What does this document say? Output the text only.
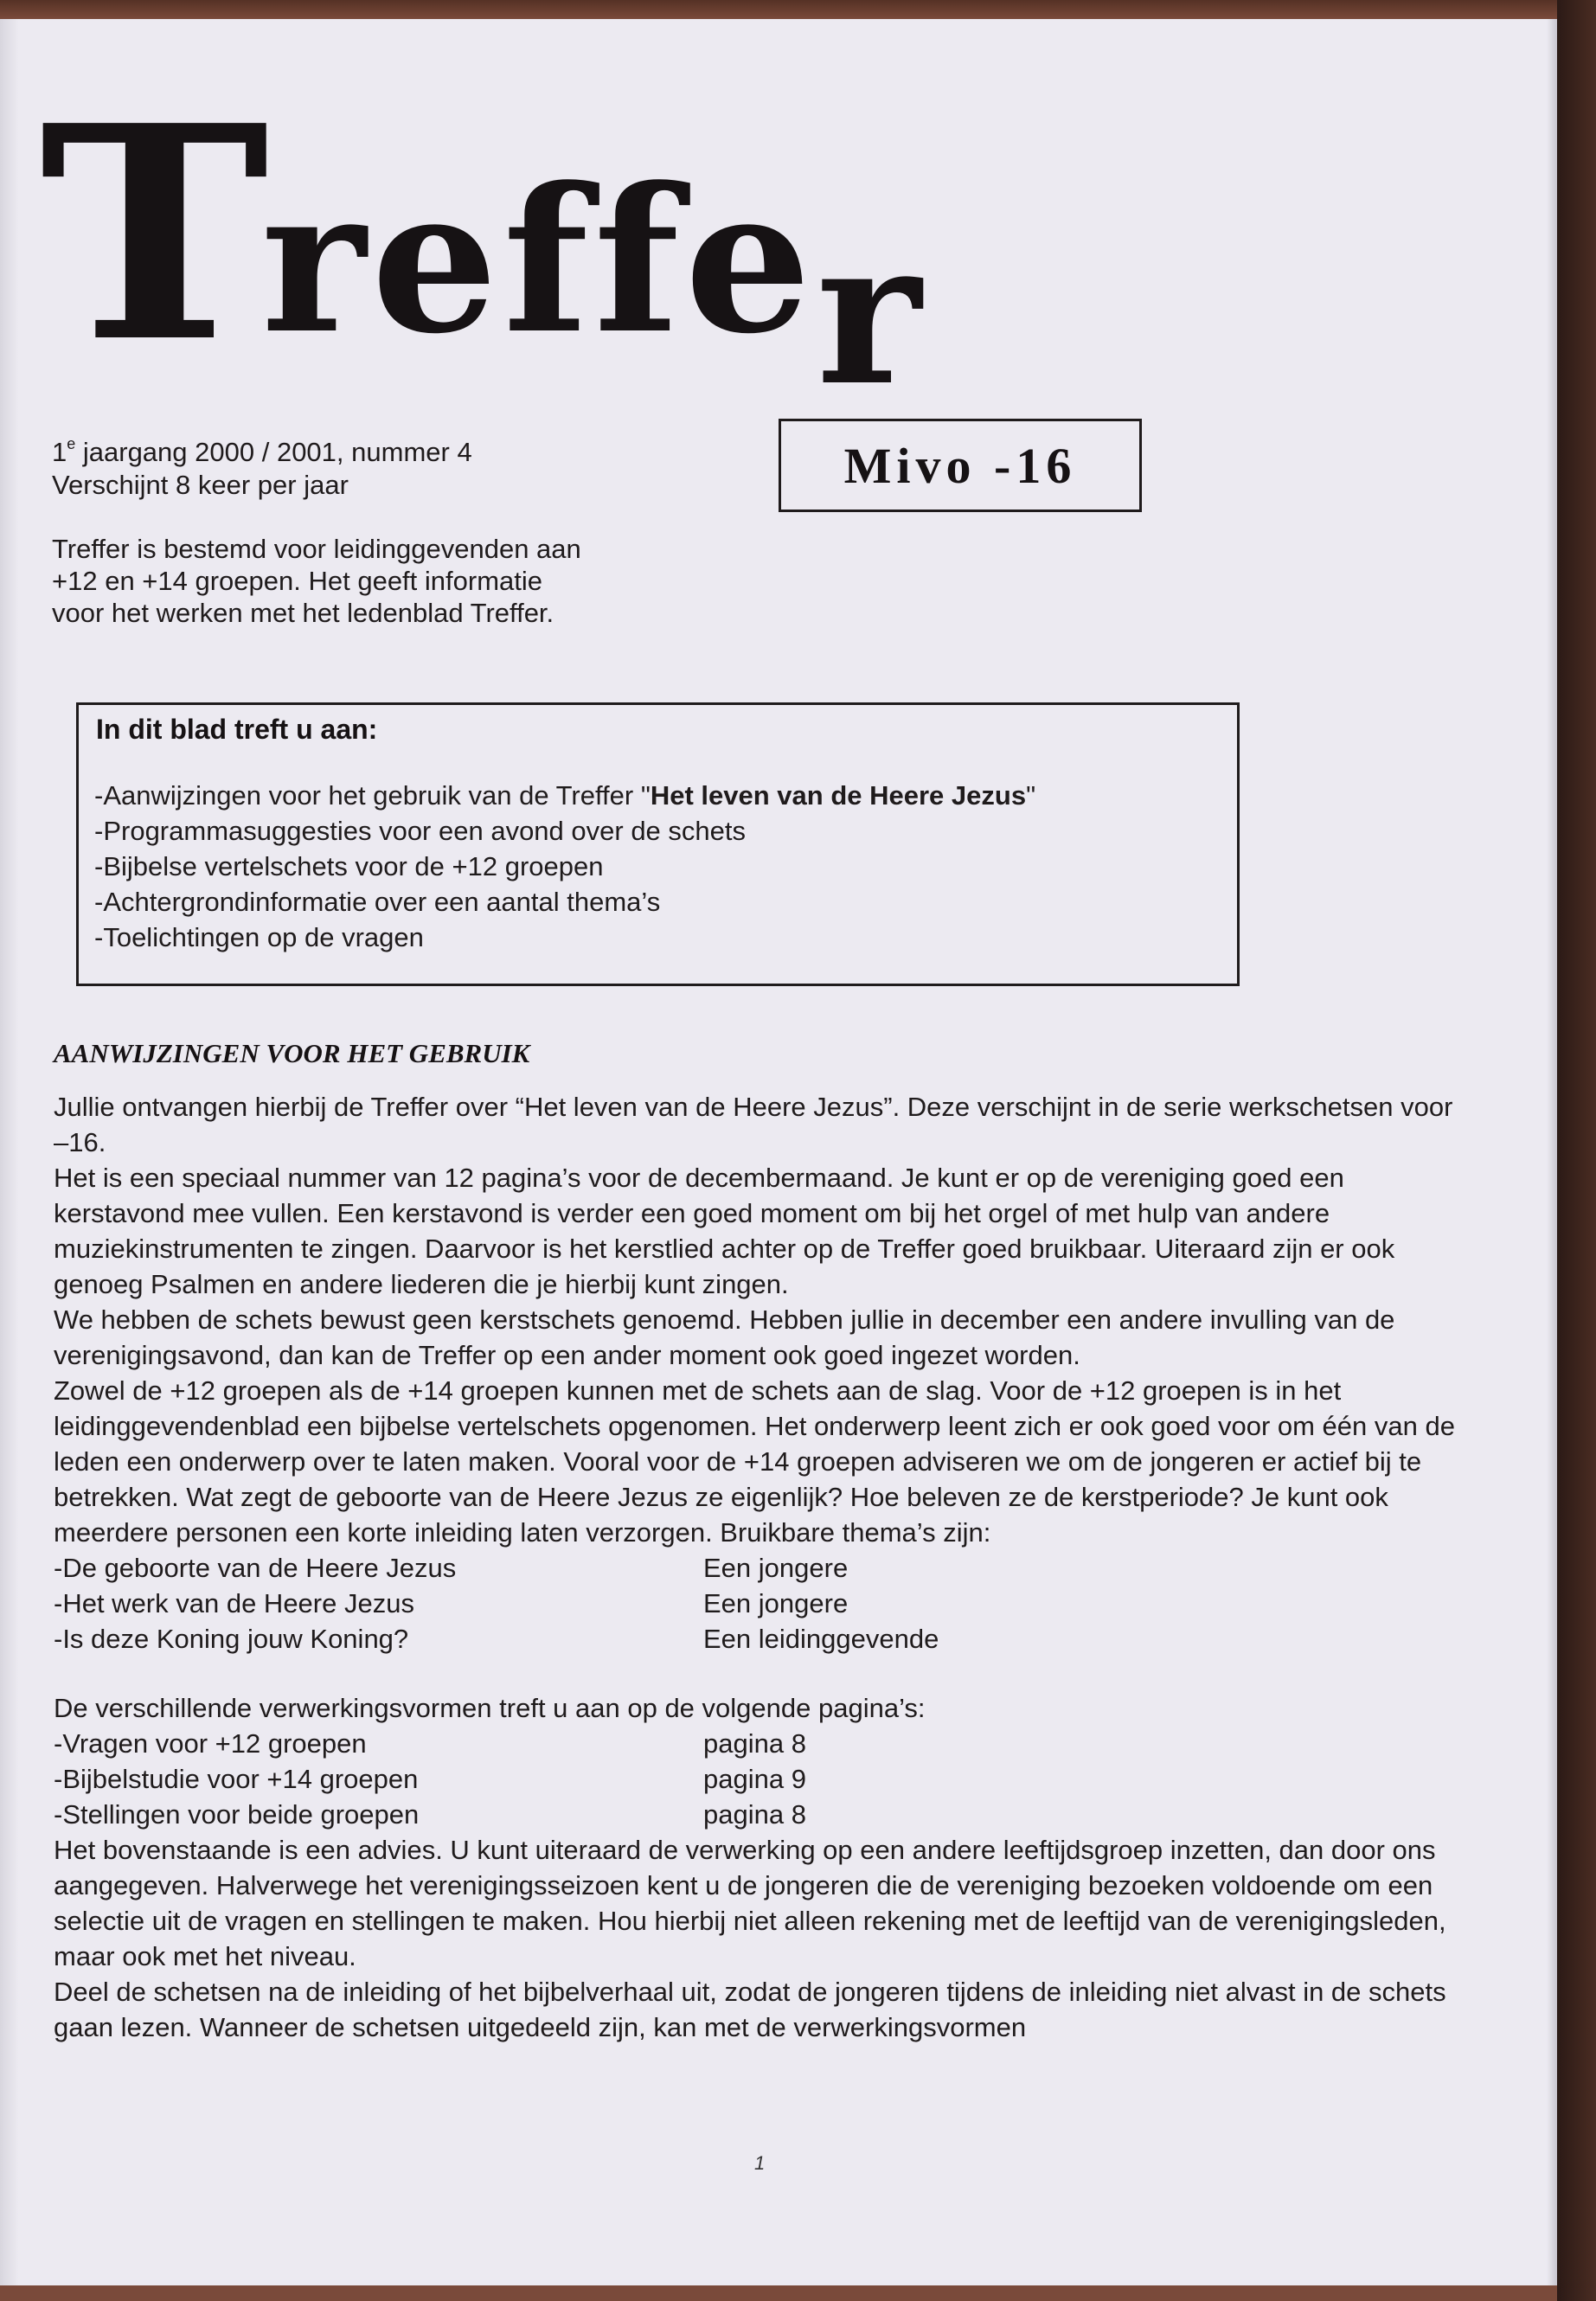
T
reffer
1e jaargang 2000 / 2001, nummer 4
Verschijnt 8 keer per jaar	Mivo -16
Treffer is bestemd voor leidinggevenden aan
+12 en +14 groepen. Het geeft informatie
voor het werken met het ledenblad Treffer.
In dit blad treft u aan:
-Aanwijzingen voor het gebruik van de Treffer "Het leven van de Heere Jezus"
-Programmasuggesties voor een avond over de schets
-Bijbelse vertelschets voor de +12 groepen
-Achtergrondinformatie over een aantal thema’s
-Toelichtingen op de vragen
AANWIJZINGEN VOOR HET GEBRUIK

Jullie ontvangen hierbij de Treffer over “Het leven van de Heere Jezus”. Deze verschijnt in de serie werkschetsen voor –16.

Het is een speciaal nummer van 12 pagina’s voor de decembermaand. Je kunt er op de vereniging goed een kerstavond mee vullen. Een kerstavond is verder een goed moment om bij het orgel of met hulp van andere muziekinstrumenten te zingen. Daarvoor is het kerstlied achter op de Treffer goed bruikbaar. Uiteraard zijn er ook genoeg Psalmen en andere liederen die je hierbij kunt zingen.

We hebben de schets bewust geen kerstschets genoemd. Hebben jullie in december een andere invulling van de verenigingsavond, dan kan de Treffer op een ander moment ook goed ingezet worden.

Zowel de +12 groepen als de +14 groepen kunnen met de schets aan de slag. Voor de +12 groepen is in het leidinggevendenblad een bijbelse vertelschets opgenomen. Het onderwerp leent zich er ook goed voor om één van de leden een onderwerp over te laten maken. Vooral voor de +14 groepen adviseren we om de jongeren er actief bij te betrekken. Wat zegt de geboorte van de Heere Jezus ze eigenlijk? Hoe beleven ze de kerstperiode? Je kunt ook meerdere personen een korte inleiding laten verzorgen. Bruikbare thema’s zijn:

-De geboorte van de Heere Jezus	Een jongere
-Het werk van de Heere Jezus	Een jongere
-Is deze Koning jouw Koning?	Een leidinggevende

De verschillende verwerkingsvormen treft u aan op de volgende pagina’s:

-Vragen voor +12 groepen	pagina 8
-Bijbelstudie voor +14 groepen	pagina 9
-Stellingen voor beide groepen	pagina 8

Het bovenstaande is een advies. U kunt uiteraard de verwerking op een andere leeftijdsgroep inzetten, dan door ons aangegeven. Halverwege het verenigingsseizoen kent u de jongeren die de vereniging bezoeken voldoende om een selectie uit de vragen en stellingen te maken. Hou hierbij niet alleen rekening met de leeftijd van de verenigingsleden, maar ook met het niveau.

Deel de schetsen na de inleiding of het bijbelverhaal uit, zodat de jongeren tijdens de inleiding niet alvast in de schets gaan lezen. Wanneer de schetsen uitgedeeld zijn, kan met de verwerkingsvormen

1
